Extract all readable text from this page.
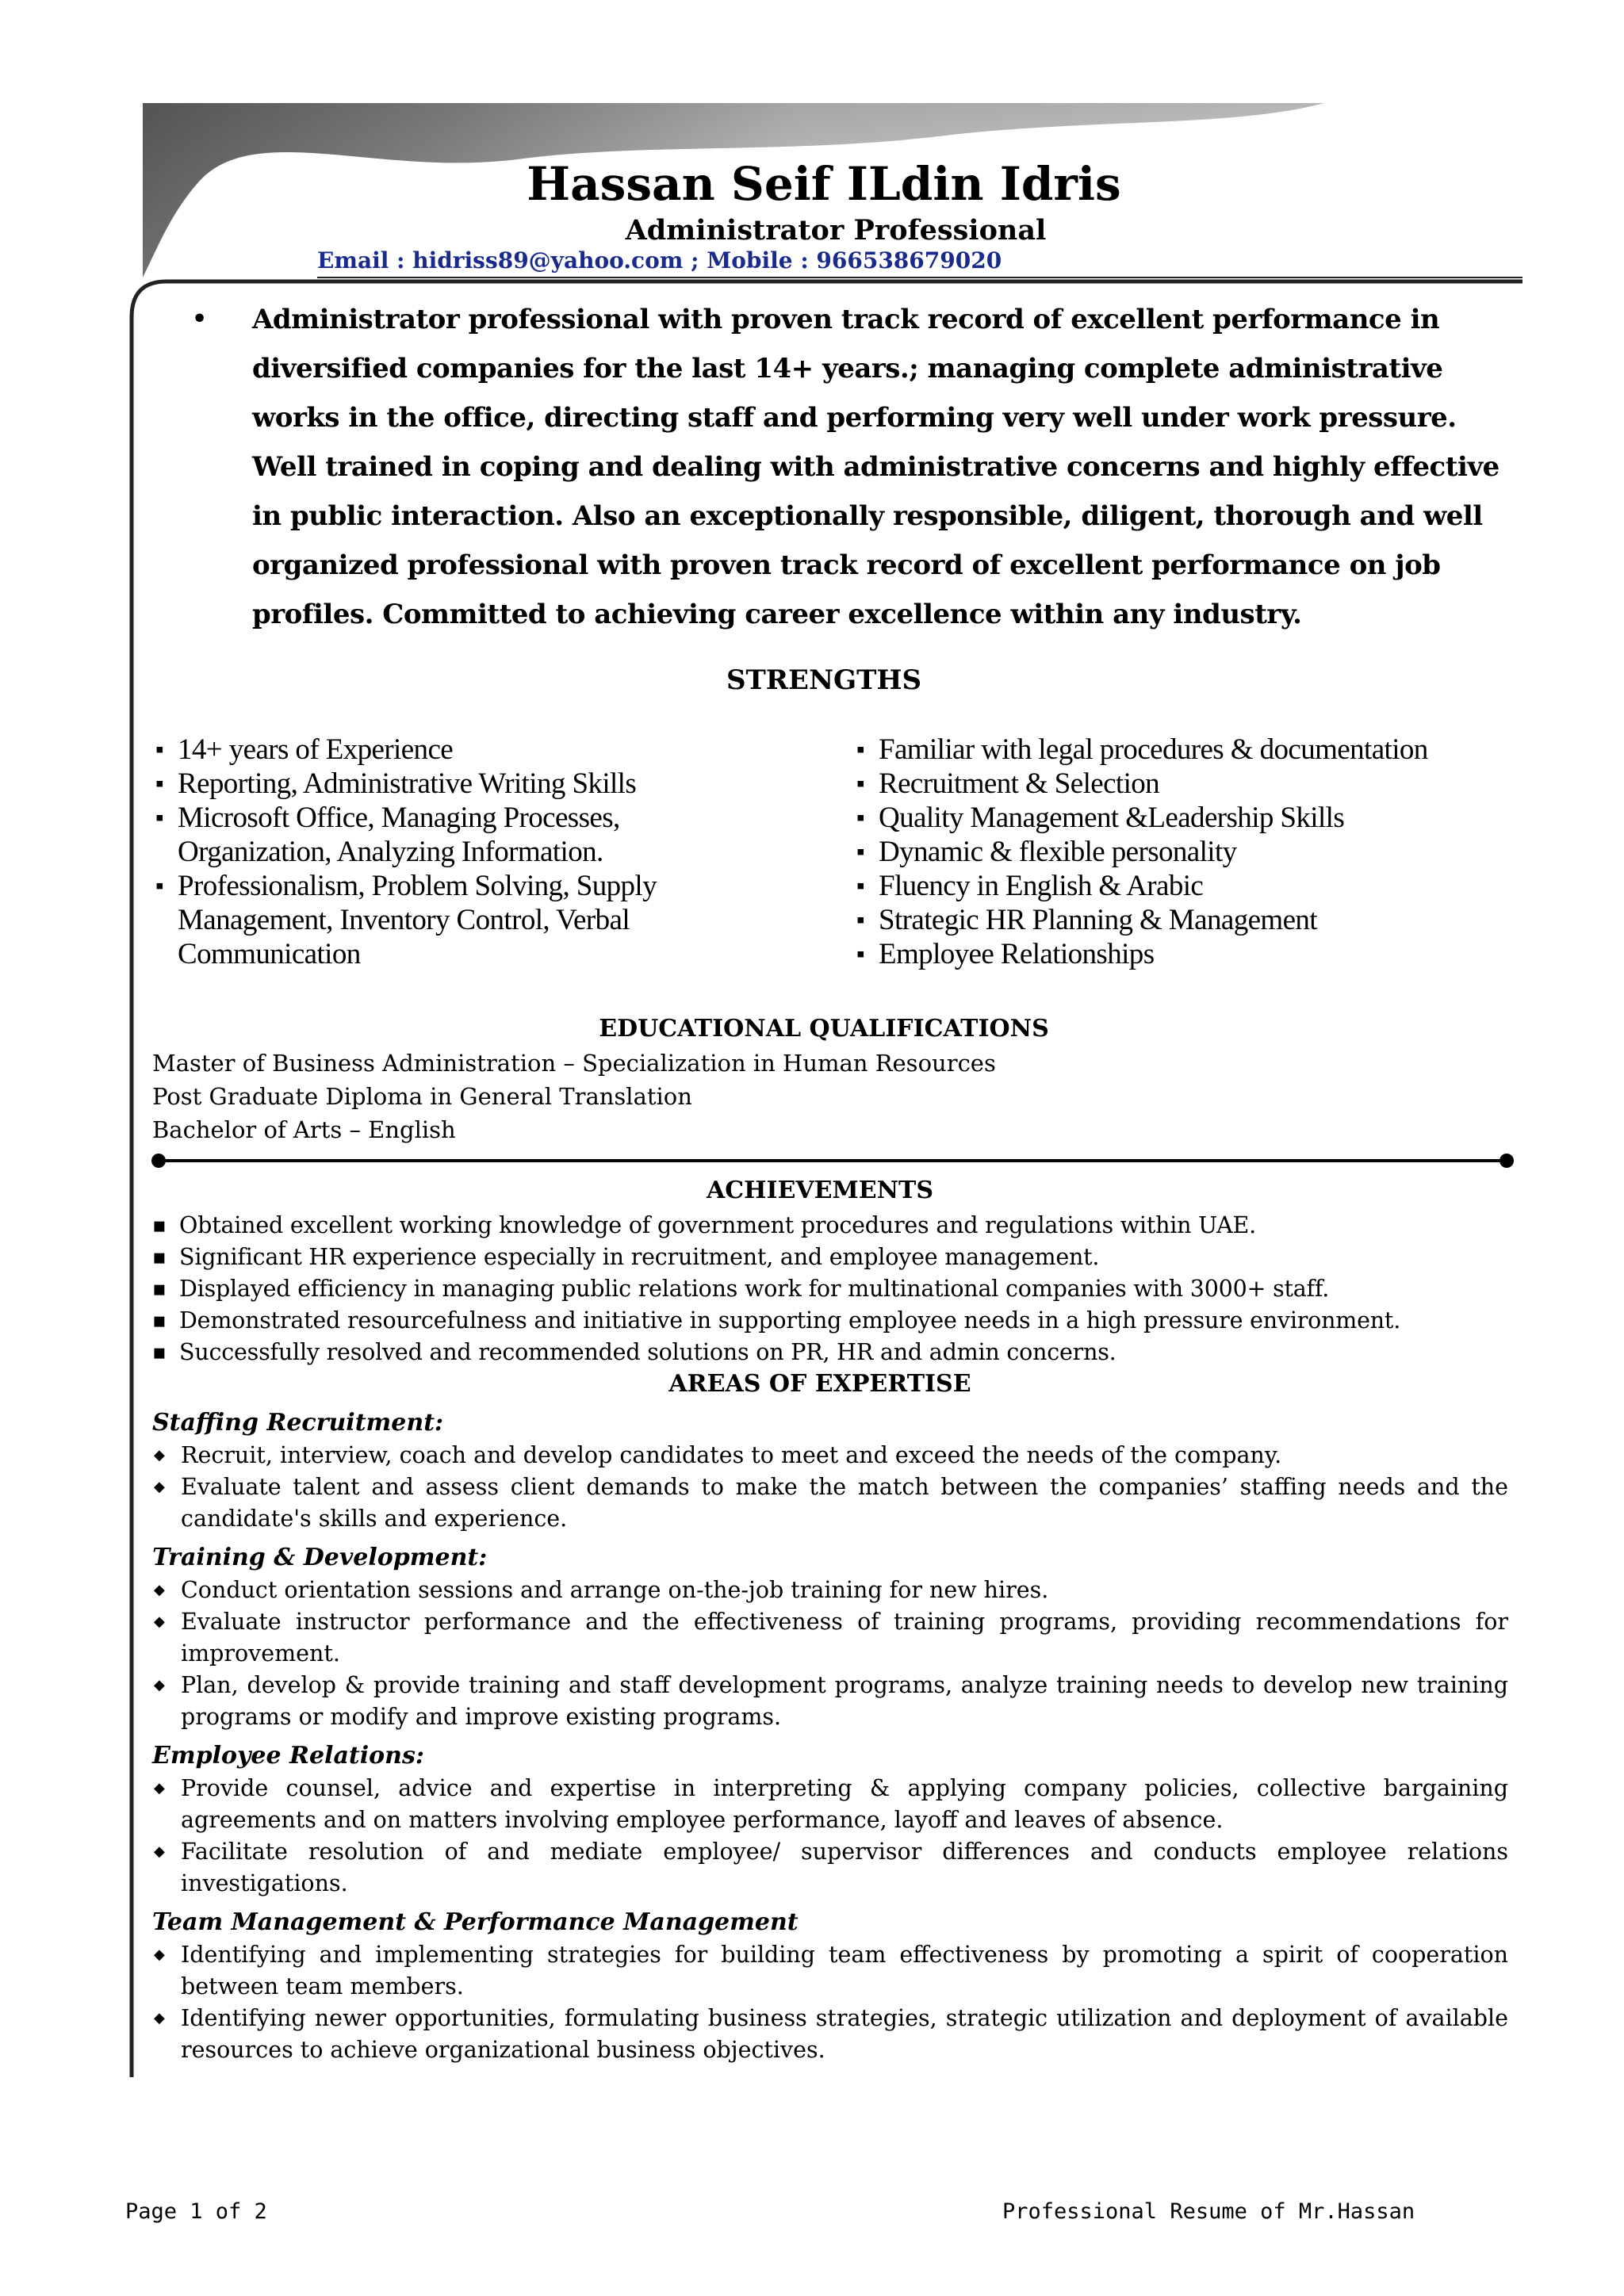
Hassan Seif ILdin Idris
Administrator Professional
Email : hidriss89@yahoo.com ; Mobile : 966538679020
•	Administrator professional with proven track record of excellent performance in diversified companies for the last 14+ years.; managing complete administrative works in the office, directing staff and performing very well under work pressure. Well trained in coping and dealing with administrative concerns and highly effective in public interaction. Also an exceptionally responsible, diligent, thorough and well organized professional with proven track record of excellent performance on job profiles. Committed to achieving career excellence within any industry.
STRENGTHS
▪ 14+ years of Experience
▪ Reporting, Administrative Writing Skills
▪ Microsoft Office, Managing Processes, Organization, Analyzing Information.
▪ Professionalism, Problem Solving, Supply Management, Inventory Control, Verbal Communication
▪ Familiar with legal procedures & documentation
▪ Recruitment & Selection
▪ Quality Management &Leadership Skills
▪ Dynamic & flexible personality
▪ Fluency in English & Arabic
▪ Strategic HR Planning & Management
▪ Employee Relationships
EDUCATIONAL QUALIFICATIONS
Master of Business Administration – Specialization in Human Resources
Post Graduate Diploma in General Translation
Bachelor of Arts – English
ACHIEVEMENTS
▪ Obtained excellent working knowledge of government procedures and regulations within UAE.
▪ Significant HR experience especially in recruitment, and employee management.
▪ Displayed efficiency in managing public relations work for multinational companies with 3000+ staff.
▪ Demonstrated resourcefulness and initiative in supporting employee needs in a high pressure environment.
▪ Successfully resolved and recommended solutions on PR, HR and admin concerns.
AREAS OF EXPERTISE
Staffing Recruitment:
◆ Recruit, interview, coach and develop candidates to meet and exceed the needs of the company.
◆ Evaluate talent and assess client demands to make the match between the companies’ staffing needs and the candidate's skills and experience.
Training & Development:
◆ Conduct orientation sessions and arrange on-the-job training for new hires.
◆ Evaluate instructor performance and the effectiveness of training programs, providing recommendations for improvement.
◆ Plan, develop & provide training and staff development programs, analyze training needs to develop new training programs or modify and improve existing programs.
Employee Relations:
◆ Provide counsel, advice and expertise in interpreting & applying company policies, collective bargaining agreements and on matters involving employee performance, layoff and leaves of absence.
◆ Facilitate resolution of and mediate employee/ supervisor differences and conducts employee relations investigations.
Team Management & Performance Management
◆ Identifying and implementing strategies for building team effectiveness by promoting a spirit of cooperation between team members.
◆ Identifying newer opportunities, formulating business strategies, strategic utilization and deployment of available resources to achieve organizational business objectives.
Page 1 of 2	Professional Resume of Mr.Hassan
